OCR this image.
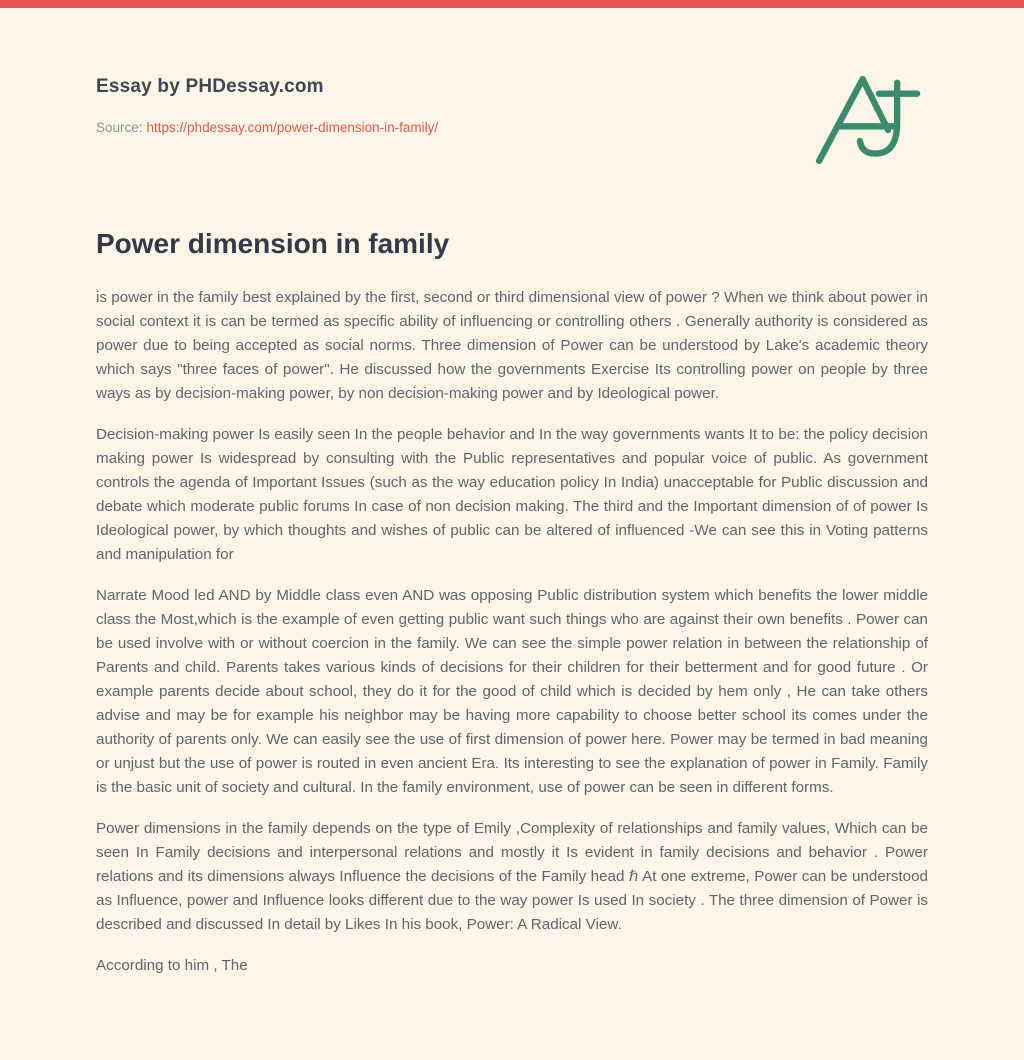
Essay by PHDessay.com
Source: https://phdessay.com/power-dimension-in-family/
Power dimension in family

is power in the family best explained by the first, second or third dimensional view of power ? When we think about power in social context it is can be termed as specific ability of influencing or controlling others . Generally authority is considered as power due to being accepted as social norms. Three dimension of Power can be understood by Lake's academic theory which says "three faces of power". He discussed how the governments Exercise Its controlling power on people by three ways as by decision-making power, by non decision-making power and by Ideological power.

Decision-making power Is easily seen In the people behavior and In the way governments wants It to be: the policy decision making power Is widespread by consulting with the Public representatives and popular voice of public. As government controls the agenda of Important Issues (such as the way education policy In India) unacceptable for Public discussion and debate which moderate public forums In case of non decision making. The third and the Important dimension of of power Is Ideological power, by which thoughts and wishes of public can be altered of influenced -We can see this in Voting patterns and manipulation for

Narrate Mood led AND by Middle class even AND was opposing Public distribution system which benefits the lower middle class the Most,which is the example of even getting public want such things who are against their own benefits . Power can be used involve with or without coercion in the family. We can see the simple power relation in between the relationship of Parents and child. Parents takes various kinds of decisions for their children for their betterment and for good future . Or example parents decide about school, they do it for the good of child which is decided by hem only , He can take others advise and may be for example his neighbor may be having more capability to choose better school its comes under the authority of parents only. We can easily see the use of first dimension of power here. Power may be termed in bad meaning or unjust but the use of power is routed in even ancient Era. Its interesting to see the explanation of power in Family. Family is the basic unit of society and cultural. In the family environment, use of power can be seen in different forms.

Power dimensions in the family depends on the type of Emily ,Complexity of relationships and family values, Which can be seen In Family decisions and interpersonal relations and mostly it Is evident in family decisions and behavior . Power relations and its dimensions always Influence the decisions of the Family head ℏ At one extreme, Power can be understood as Influence, power and Influence looks different due to the way power Is used In society . The three dimension of Power is described and discussed In detail by Likes In his book, Power: A Radical View.

According to him , The
